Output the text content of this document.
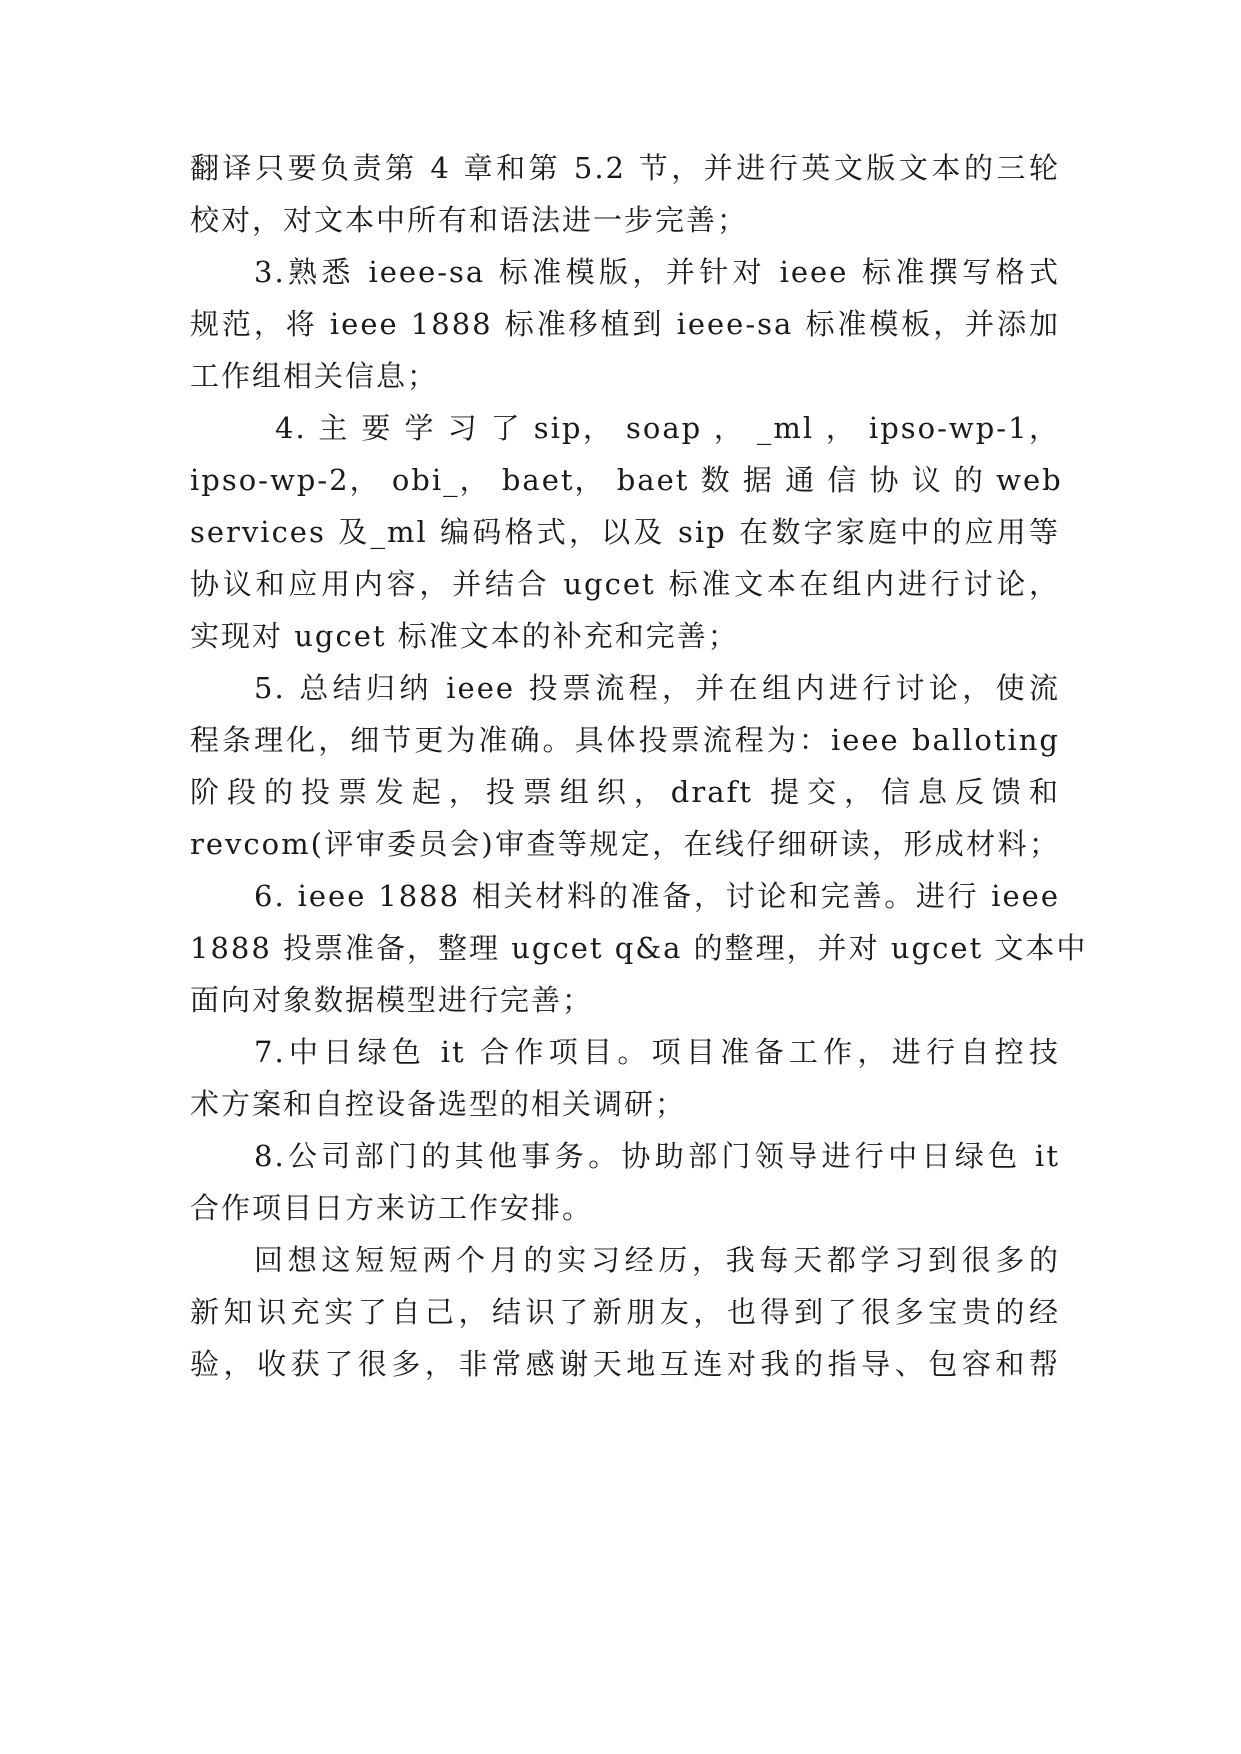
翻译只要负责第 4 章和第 5.2 节，并进行英文版文本的三轮
校对，对文本中所有和语法进一步完善；
3.熟悉 ieee-sa 标准模版，并针对 ieee 标准撰写格式
规范，将 ieee 1888 标准移植到 ieee-sa 标准模板，并添加
工作组相关信息；
4. 主 要 学 习 了 sip， soap ， _ml ， ipso-wp-1，
ipso-wp-2， obi_， baet， baet 数 据 通 信 协 议 的 web
services 及_ml 编码格式，以及 sip 在数字家庭中的应用等
协议和应用内容，并结合 ugcet 标准文本在组内进行讨论，
实现对 ugcet 标准文本的补充和完善；
5. 总结归纳 ieee 投票流程，并在组内进行讨论，使流
程条理化，细节更为准确。具体投票流程为：ieee balloting
阶段的投票发起，投票组织，draft 提交，信息反馈和
revcom(评审委员会)审查等规定，在线仔细研读，形成材料；
6. ieee 1888 相关材料的准备，讨论和完善。进行 ieee
1888 投票准备，整理 ugcet q&a 的整理，并对 ugcet 文本中
面向对象数据模型进行完善；
7.中日绿色 it 合作项目。项目准备工作，进行自控技
术方案和自控设备选型的相关调研；
8.公司部门的其他事务。协助部门领导进行中日绿色 it
合作项目日方来访工作安排。
回想这短短两个月的实习经历，我每天都学习到很多的
新知识充实了自己，结识了新朋友，也得到了很多宝贵的经
验，收获了很多，非常感谢天地互连对我的指导、包容和帮
